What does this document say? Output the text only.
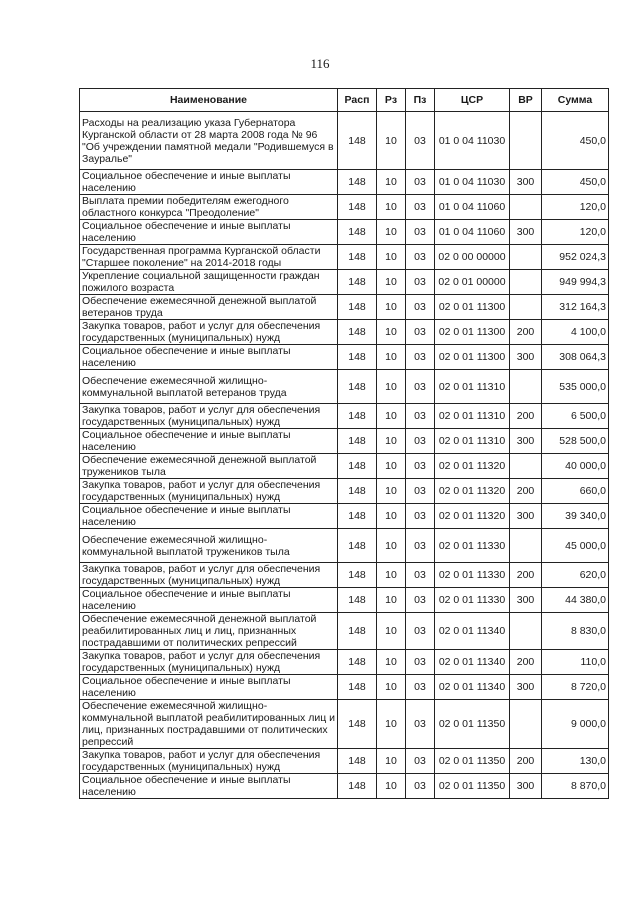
116
Наименование	Расп	Рз	Пз	ЦСР	ВР	Сумма
Расходы на реализацию указа Губернатора Курганской области от 28 марта 2008 года № 96 "Об учреждении памятной медали "Родившемуся в Зауралье"	148	10	03	01 0 04 11030		450,0
Социальное обеспечение и иные выплаты населению	148	10	03	01 0 04 11030	300	450,0
Выплата премии победителям ежегодного областного конкурса "Преодоление"	148	10	03	01 0 04 11060		120,0
Социальное обеспечение и иные выплаты населению	148	10	03	01 0 04 11060	300	120,0
Государственная программа Курганской области "Старшее поколение" на 2014-2018 годы	148	10	03	02 0 00 00000		952 024,3
Укрепление социальной защищенности граждан пожилого возраста	148	10	03	02 0 01 00000		949 994,3
Обеспечение ежемесячной денежной выплатой ветеранов труда	148	10	03	02 0 01 11300		312 164,3
Закупка товаров, работ и услуг для обеспечения государственных (муниципальных) нужд	148	10	03	02 0 01 11300	200	4 100,0
Социальное обеспечение и иные выплаты населению	148	10	03	02 0 01 11300	300	308 064,3
Обеспечение ежемесячной жилищно-коммунальной выплатой ветеранов труда	148	10	03	02 0 01 11310		535 000,0
Закупка товаров, работ и услуг для обеспечения государственных (муниципальных) нужд	148	10	03	02 0 01 11310	200	6 500,0
Социальное обеспечение и иные выплаты населению	148	10	03	02 0 01 11310	300	528 500,0
Обеспечение ежемесячной денежной выплатой тружеников тыла	148	10	03	02 0 01 11320		40 000,0
Закупка товаров, работ и услуг для обеспечения государственных (муниципальных) нужд	148	10	03	02 0 01 11320	200	660,0
Социальное обеспечение и иные выплаты населению	148	10	03	02 0 01 11320	300	39 340,0
Обеспечение ежемесячной жилищно-коммунальной выплатой тружеников тыла	148	10	03	02 0 01 11330		45 000,0
Закупка товаров, работ и услуг для обеспечения государственных (муниципальных) нужд	148	10	03	02 0 01 11330	200	620,0
Социальное обеспечение и иные выплаты населению	148	10	03	02 0 01 11330	300	44 380,0
Обеспечение ежемесячной денежной выплатой реабилитированных лиц и лиц, признанных пострадавшими от политических репрессий	148	10	03	02 0 01 11340		8 830,0
Закупка товаров, работ и услуг для обеспечения государственных (муниципальных) нужд	148	10	03	02 0 01 11340	200	110,0
Социальное обеспечение и иные выплаты населению	148	10	03	02 0 01 11340	300	8 720,0
Обеспечение ежемесячной жилищно-коммунальной выплатой реабилитированных лиц и лиц, признанных пострадавшими от политических репрессий	148	10	03	02 0 01 11350		9 000,0
Закупка товаров, работ и услуг для обеспечения государственных (муниципальных) нужд	148	10	03	02 0 01 11350	200	130,0
Социальное обеспечение и иные выплаты населению	148	10	03	02 0 01 11350	300	8 870,0
